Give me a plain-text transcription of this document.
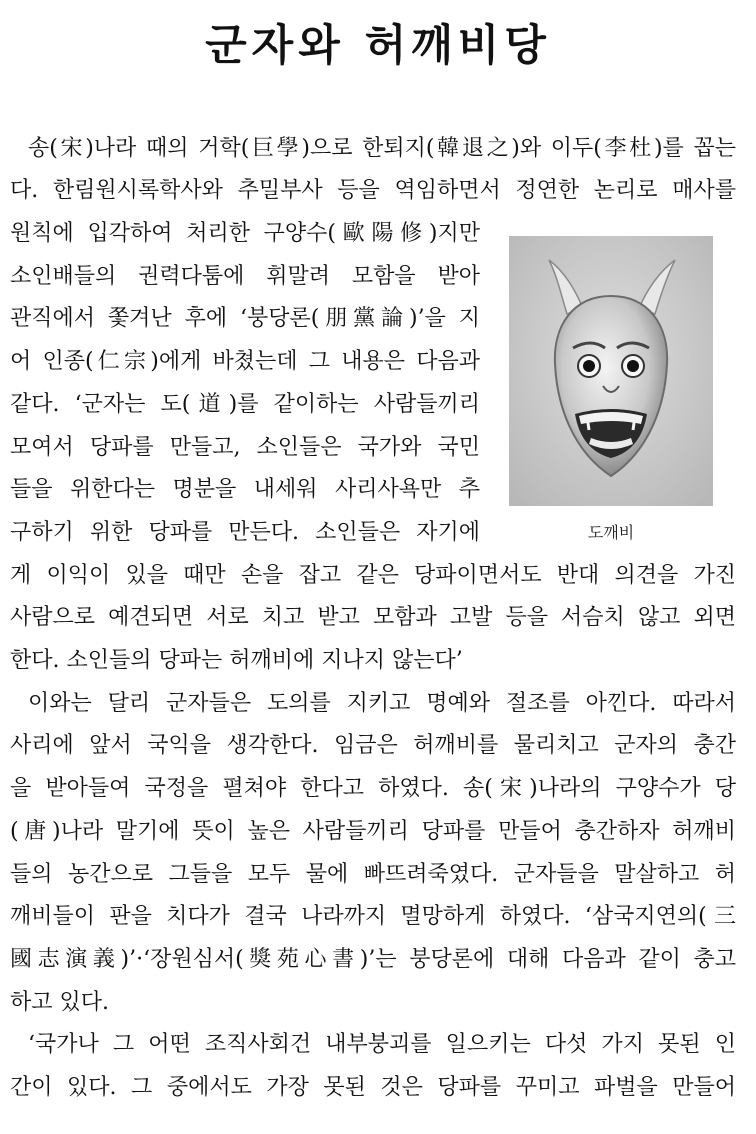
군자와 허깨비당

송(宋)나라 때의 거학(巨學)으로 한퇴지(韓退之)와 이두(李杜)를 꼽는

다. 한림원시록학사와 추밀부사 등을 역임하면서 정연한 논리로 매사를

원칙에 입각하여 처리한 구양수(歐陽修)지만

소인배들의 권력다툼에 휘말려 모함을 받아

관직에서 쫓겨난 후에 ‘붕당론(朋黨論)’을 지

어 인종(仁宗)에게 바쳤는데 그 내용은 다음과

같다. ‘군자는 도(道)를 같이하는 사람들끼리

모여서 당파를 만들고, 소인들은 국가와 국민

들을 위한다는 명분을 내세워 사리사욕만 추

구하기 위한 당파를 만든다. 소인들은 자기에

게 이익이 있을 때만 손을 잡고 같은 당파이면서도 반대 의견을 가진

사람으로 예견되면 서로 치고 받고 모함과 고발 등을 서슴치 않고 외면

한다. 소인들의 당파는 허깨비에 지나지 않는다’

이와는 달리 군자들은 도의를 지키고 명예와 절조를 아낀다. 따라서

사리에 앞서 국익을 생각한다. 임금은 허깨비를 물리치고 군자의 충간

을 받아들여 국정을 펼쳐야 한다고 하였다. 송(宋)나라의 구양수가 당

(唐)나라 말기에 뜻이 높은 사람들끼리 당파를 만들어 충간하자 허깨비

들의 농간으로 그들을 모두 물에 빠뜨려죽였다. 군자들을 말살하고 허

깨비들이 판을 치다가 결국 나라까지 멸망하게 하였다. ‘삼국지연의(三

國志演義)’·‘장원심서(獎苑心書)’는 붕당론에 대해 다음과 같이 충고

하고 있다.

‘국가나 그 어떤 조직사회건 내부붕괴를 일으키는 다섯 가지 못된 인

간이 있다. 그 중에서도 가장 못된 것은 당파를 꾸미고 파벌을 만들어

도깨비
